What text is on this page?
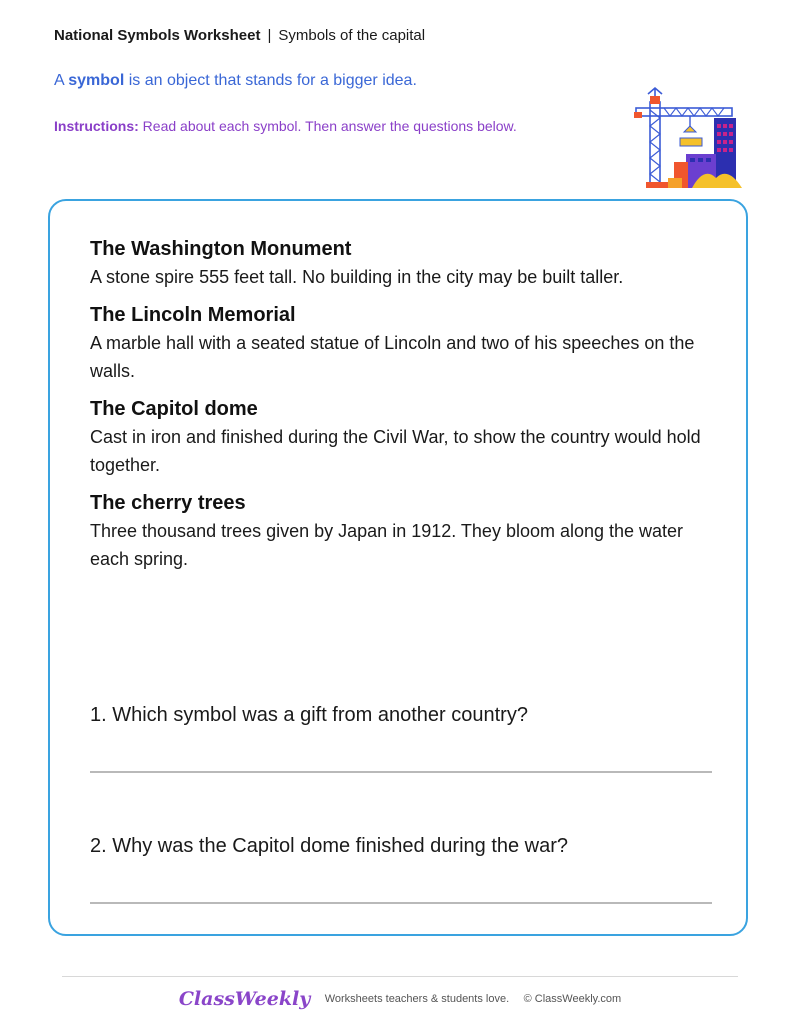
National Symbols Worksheet | Symbols of the capital
A symbol is an object that stands for a bigger idea.
Instructions: Read about each symbol. Then answer the questions below.
The Washington Monument
A stone spire 555 feet tall. No building in the city may be built taller.
The Lincoln Memorial
A marble hall with a seated statue of Lincoln and two of his speeches on the walls.
The Capitol dome
Cast in iron and finished during the Civil War, to show the country would hold together.
The cherry trees
Three thousand trees given by Japan in 1912. They bloom along the water each spring.
1. Which symbol was a gift from another country?
2. Why was the Capitol dome finished during the war?
ClassWeekly Worksheets teachers & students love. © ClassWeekly.com
